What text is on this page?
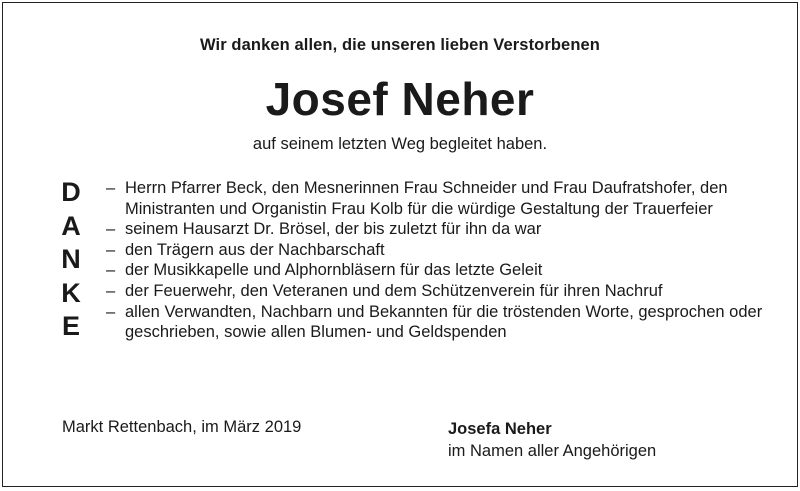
Wir danken allen, die unseren lieben Verstorbenen
Josef Neher
auf seinem letzten Weg begleitet haben.
D
A
N
K
E
– Herrn Pfarrer Beck, den Mesnerinnen Frau Schneider und Frau Daufratshofer, den Ministranten und Organistin Frau Kolb für die würdige Gestaltung der Trauerfeier
– seinem Hausarzt Dr. Brösel, der bis zuletzt für ihn da war
– den Trägern aus der Nachbarschaft
– der Musikkapelle und Alphornbläsern für das letzte Geleit
– der Feuerwehr, den Veteranen und dem Schützenverein für ihren Nachruf
– allen Verwandten, Nachbarn und Bekannten für die tröstenden Worte, gesprochen oder geschrieben, sowie allen Blumen- und Geldspenden
Markt Rettenbach, im März 2019	Josefa Neher
im Namen aller Angehörigen
